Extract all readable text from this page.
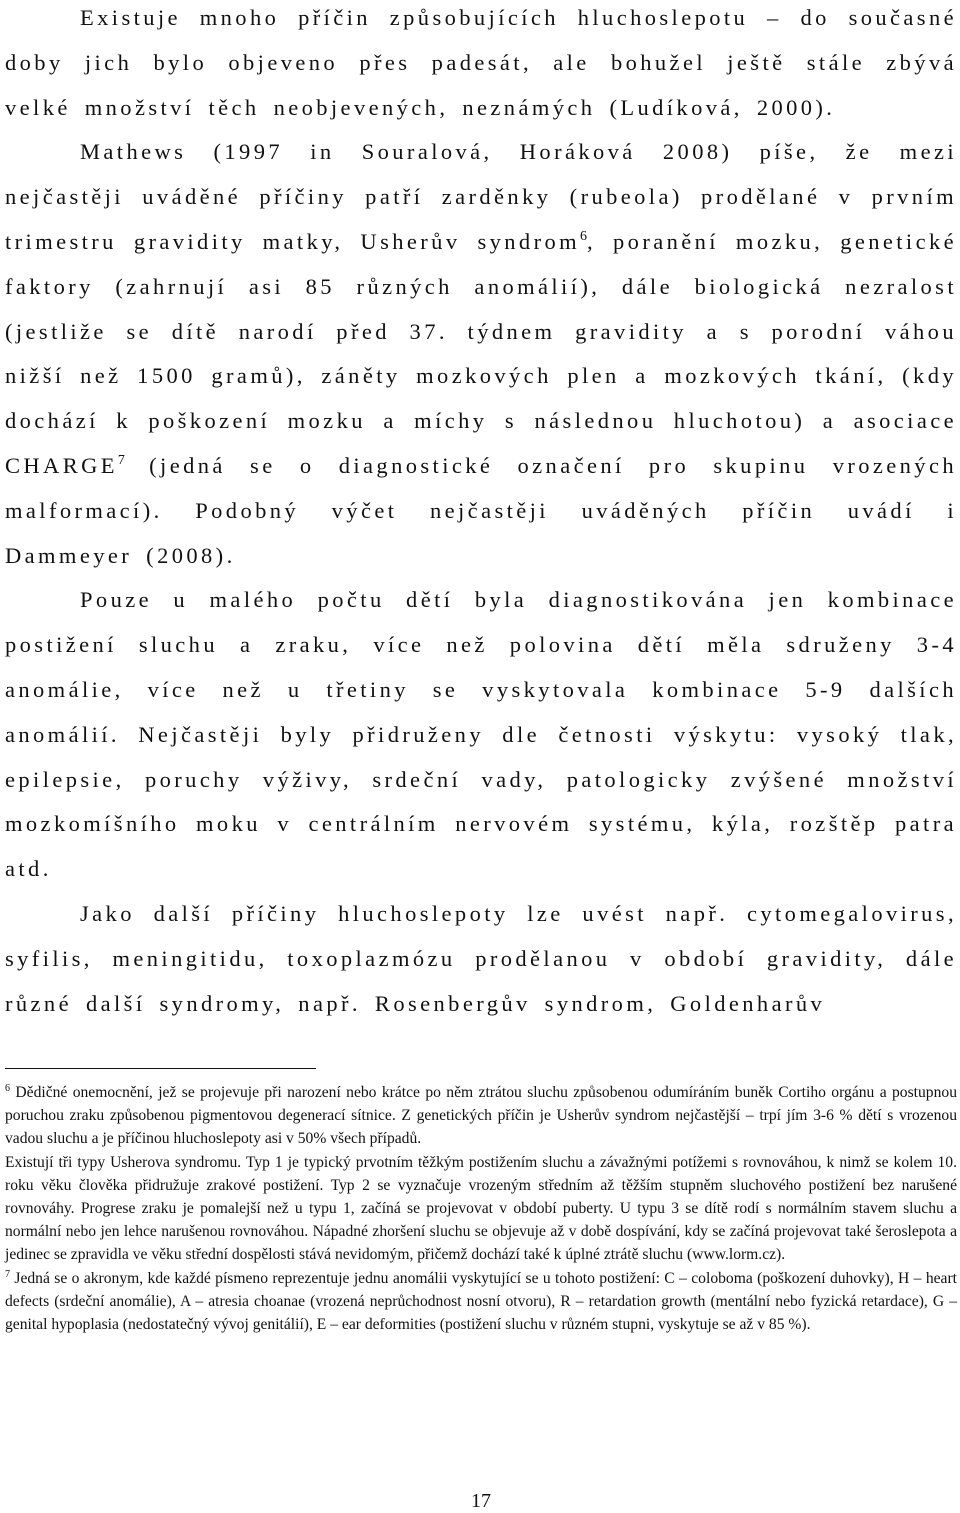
Existuje mnoho příčin způsobujících hluchoslepotu – do současné doby jich bylo objeveno přes padesát, ale bohužel ještě stále zbývá velké množství těch neobjevených, neznámých (Ludíková, 2000).

Mathews (1997 in Souralová, Horáková 2008) píše, že mezi nejčastěji uváděné příčiny patří zarděnky (rubeola) prodělané v prvním trimestru gravidity matky, Usherův syndrom$^6$, poranění mozku, genetické faktory (zahrnují asi 85 různých anomálií), dále biologická nezralost (jestliže se dítě narodí před 37. týdnem gravidity a s porodní váhou nižší než 1500 gramů), záněty mozkových plen a mozkových tkání, (kdy dochází k poškození mozku a míchy s následnou hluchotou) a asociace CHARGE$^7$ (jedná se o diagnostické označení pro skupinu vrozených malformací). Podobný výčet nejčastěji uváděných příčin uvádí i Dammeyer (2008).

Pouze u malého počtu dětí byla diagnostikována jen kombinace postižení sluchu a zraku, více než polovina dětí měla sdruženy 3-4 anomálie, více než u třetiny se vyskytovala kombinace 5-9 dalších anomálií. Nejčastěji byly přidruženy dle četnosti výskytu: vysoký tlak, epilepsie, poruchy výživy, srdeční vady, patologicky zvýšené množství mozkomíšního moku v centrálním nervovém systému, kýla, rozštěp patra atd.

Jako další příčiny hluchoslepoty lze uvést např. cytomegalovirus, syfilis, meningitidu, toxoplazmózu prodělanou v období gravidity, dále různé další syndromy, např. Rosenbergův syndrom, Goldenharův

$^6$ Dědičné onemocnění, jež se projevuje při narození nebo krátce po něm ztrátou sluchu způsobenou odumíráním buněk Cortiho orgánu a postupnou poruchou zraku způsobenou pigmentovou degenerací sítnice. Z genetických příčin je Usherův syndrom nejčastější – trpí jím 3-6 % dětí s vrozenou vadou sluchu a je příčinou hluchoslepoty asi v 50% všech případů.

Existují tři typy Usherova syndromu. Typ 1 je typický prvotním těžkým postižením sluchu a závažnými potížemi s rovnováhou, k nimž se kolem 10. roku věku člověka přidružuje zrakové postižení. Typ 2 se vyznačuje vrozeným středním až těžším stupněm sluchového postižení bez narušené rovnováhy. Progrese zraku je pomalejší než u typu 1, začíná se projevovat v období puberty. U typu 3 se dítě rodí s normálním stavem sluchu a normální nebo jen lehce narušenou rovnováhou. Nápadné zhoršení sluchu se objevuje až v době dospívání, kdy se začíná projevovat také šeroslepota a jedinec se zpravidla ve věku střední dospělosti stává nevidomým, přičemž dochází také k úplné ztrátě sluchu (www.lorm.cz).

$^7$ Jedná se o akronym, kde každé písmeno reprezentuje jednu anomálii vyskytující se u tohoto postižení: C – coloboma (poškození duhovky), H – heart defects (srdeční anomálie), A – atresia choanae (vrozená neprůchodnost nosní otvoru), R – retardation growth (mentální nebo fyzická retardace), G – genital hypoplasia (nedostatečný vývoj genitálií), E – ear deformities (postižení sluchu v různém stupni, vyskytuje se až v 85 %).

17
